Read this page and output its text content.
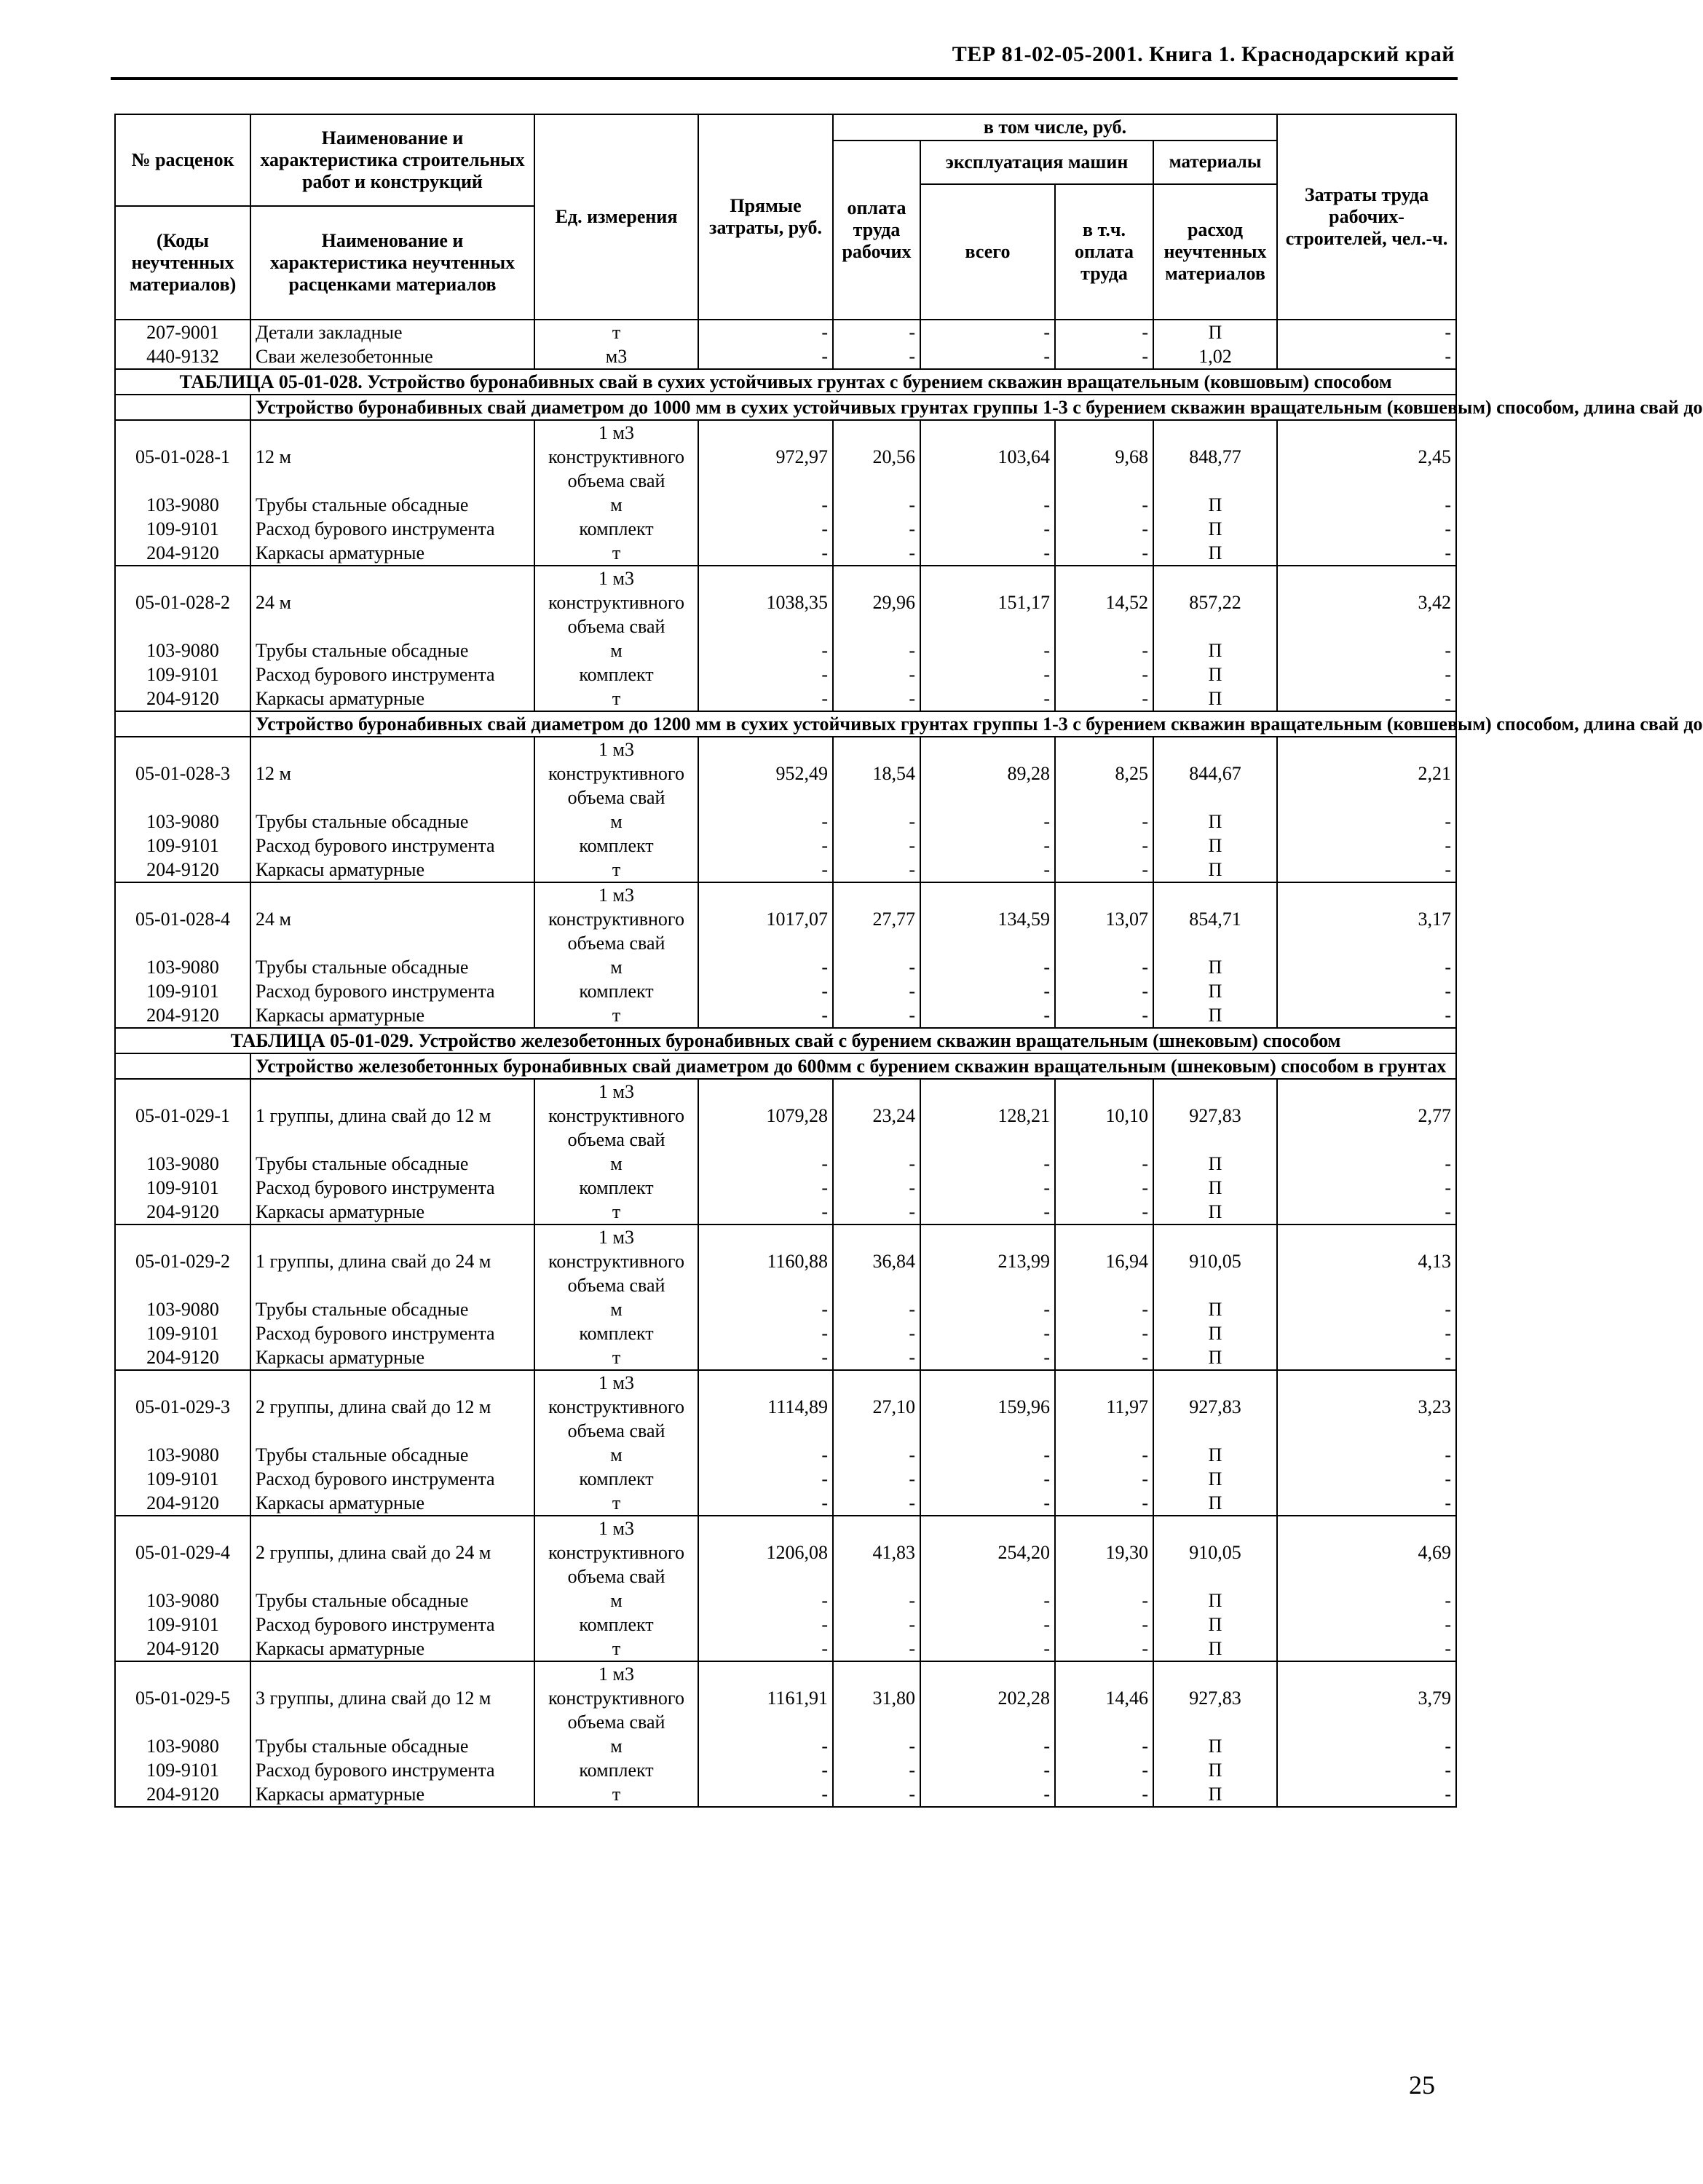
ТЕР 81-02-05-2001. Книга 1. Краснодарский край
№ расценок	Наименование и характеристика строительных работ и конструкций	Ед. измерения	Прямые затраты, руб.	в том числе, руб.				Затраты труда рабочих-строителей, чел.-ч.
				оплата труда рабочих	эксплуатация машин		материалы	
					всего	в т.ч. оплата труда	расход неучтенных материалов	
(Коды неучтенных материалов)	Наименование и характеристика неучтенных расценками материалов							

207-9001	Детали закладные	т	-	-	-	-	П	-
440-9132	Сваи железобетонные	м3	-	-	-	-	1,02	-
ТАБЛИЦА 05-01-028. Устройство буронабивных свай в сухих устойчивых грунтах с бурением скважин вращательным (ковшовым) способом								
	Устройство буронабивных свай диаметром до 1000 мм в сухих устойчивых грунтах группы 1-3 с бурением скважин вращательным (ковшевым) способом, длина свай до							
05-01-028-1	12 м	1 м3 конструктивного объема свай	972,97	20,56	103,64	9,68	848,77	2,45
103-9080	Трубы стальные обсадные	м	-	-	-	-	П	-
109-9101	Расход бурового инструмента	комплект	-	-	-	-	П	-
204-9120	Каркасы арматурные	т	-	-	-	-	П	-
05-01-028-2	24 м	1 м3 конструктивного объема свай	1038,35	29,96	151,17	14,52	857,22	3,42
103-9080	Трубы стальные обсадные	м	-	-	-	-	П	-
109-9101	Расход бурового инструмента	комплект	-	-	-	-	П	-
204-9120	Каркасы арматурные	т	-	-	-	-	П	-
	Устройство буронабивных свай диаметром до 1200 мм в сухих устойчивых грунтах группы 1-3 с бурением скважин вращательным (ковшевым) способом, длина свай до							
05-01-028-3	12 м	1 м3 конструктивного объема свай	952,49	18,54	89,28	8,25	844,67	2,21
103-9080	Трубы стальные обсадные	м	-	-	-	-	П	-
109-9101	Расход бурового инструмента	комплект	-	-	-	-	П	-
204-9120	Каркасы арматурные	т	-	-	-	-	П	-
05-01-028-4	24 м	1 м3 конструктивного объема свай	1017,07	27,77	134,59	13,07	854,71	3,17
103-9080	Трубы стальные обсадные	м	-	-	-	-	П	-
109-9101	Расход бурового инструмента	комплект	-	-	-	-	П	-
204-9120	Каркасы арматурные	т	-	-	-	-	П	-
ТАБЛИЦА 05-01-029. Устройство железобетонных буронабивных свай с бурением скважин вращательным (шнековым) способом								
	Устройство железобетонных буронабивных свай диаметром до 600мм с бурением скважин вращательным (шнековым) способом в грунтах							
05-01-029-1	1 группы, длина свай до 12 м	1 м3 конструктивного объема свай	1079,28	23,24	128,21	10,10	927,83	2,77
103-9080	Трубы стальные обсадные	м	-	-	-	-	П	-
109-9101	Расход бурового инструмента	комплект	-	-	-	-	П	-
204-9120	Каркасы арматурные	т	-	-	-	-	П	-
05-01-029-2	1 группы, длина свай до 24 м	1 м3 конструктивного объема свай	1160,88	36,84	213,99	16,94	910,05	4,13
103-9080	Трубы стальные обсадные	м	-	-	-	-	П	-
109-9101	Расход бурового инструмента	комплект	-	-	-	-	П	-
204-9120	Каркасы арматурные	т	-	-	-	-	П	-
05-01-029-3	2 группы, длина свай до 12 м	1 м3 конструктивного объема свай	1114,89	27,10	159,96	11,97	927,83	3,23
103-9080	Трубы стальные обсадные	м	-	-	-	-	П	-
109-9101	Расход бурового инструмента	комплект	-	-	-	-	П	-
204-9120	Каркасы арматурные	т	-	-	-	-	П	-
05-01-029-4	2 группы, длина свай до 24 м	1 м3 конструктивного объема свай	1206,08	41,83	254,20	19,30	910,05	4,69
103-9080	Трубы стальные обсадные	м	-	-	-	-	П	-
109-9101	Расход бурового инструмента	комплект	-	-	-	-	П	-
204-9120	Каркасы арматурные	т	-	-	-	-	П	-
05-01-029-5	3 группы, длина свай до 12 м	1 м3 конструктивного объема свай	1161,91	31,80	202,28	14,46	927,83	3,79
103-9080	Трубы стальные обсадные	м	-	-	-	-	П	-
109-9101	Расход бурового инструмента	комплект	-	-	-	-	П	-
204-9120	Каркасы арматурные	т	-	-	-	-	П	-
25
